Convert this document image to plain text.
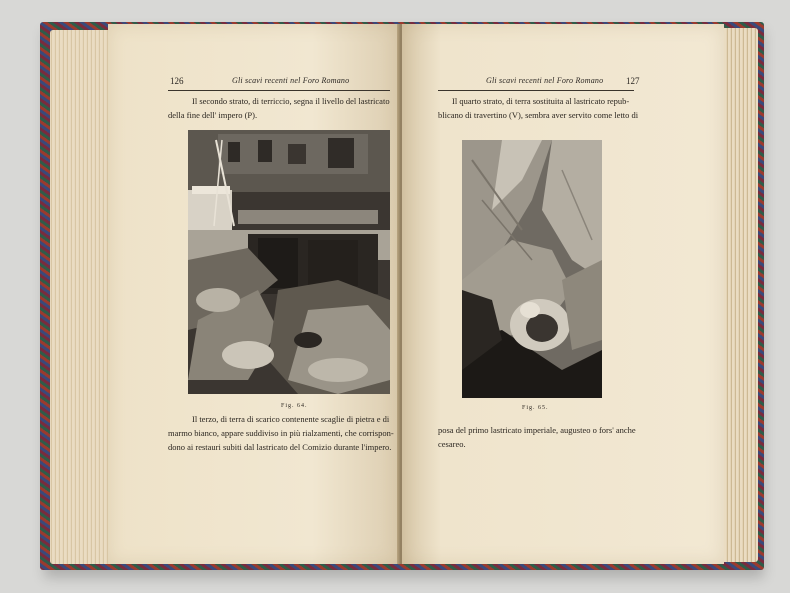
126	Gli scavi recenti nel Foro Romano
Il secondo strato, di terriccio, segna il livello del lastricato
della fine dell' impero (P).
Fig. 64.
Il terzo, di terra di scarico contenente scaglie di pietra e di
marmo bianco, appare suddiviso in più rialzamenti, che corrispon-
dono ai restauri subiti dal lastricato del Comizio durante l'impero.
Gli scavi recenti nel Foro Romano	127
Il quarto strato, di terra sostituita al lastricato repub-
blicano di travertino (V), sembra aver servito come letto di
Fig. 65.
posa del primo lastricato imperiale, augusteo o fors' anche
cesareo.
